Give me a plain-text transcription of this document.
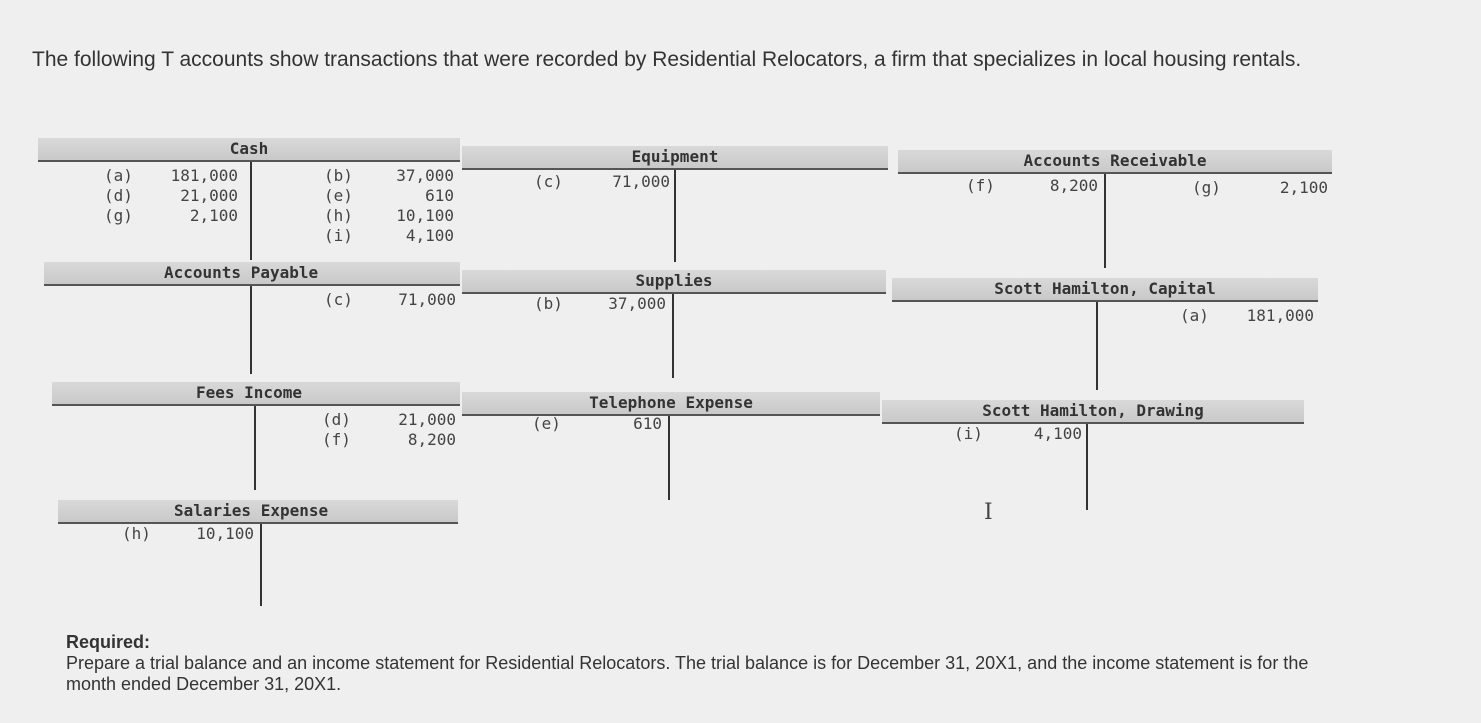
The following T accounts show transactions that were recorded by Residential Relocators, a firm that specializes in local housing rentals.
Cash
(a) 181,000
(d)	21,000
(g)	2,100
(b)	37,000
(e)	610
(h)	10,100
(i)	4,100
Equipment
(c)	71,000
Accounts Receivable
(f)	8,200	(g)	2,100
Accounts Payable
(c)	71,000
Supplies
(b)	37,000
Scott Hamilton, Capital
(a) 181,000
Fees Income
(d)	21,000
(f)	8,200
Telephone Expense
(e)	610
Scott Hamilton, Drawing
(i)	4,100
Salaries Expense
(h)	10,100
I
Required:
Prepare a trial balance and an income statement for Residential Relocators. The trial balance is for December 31, 20X1, and the income statement is for the month ended December 31, 20X1.
